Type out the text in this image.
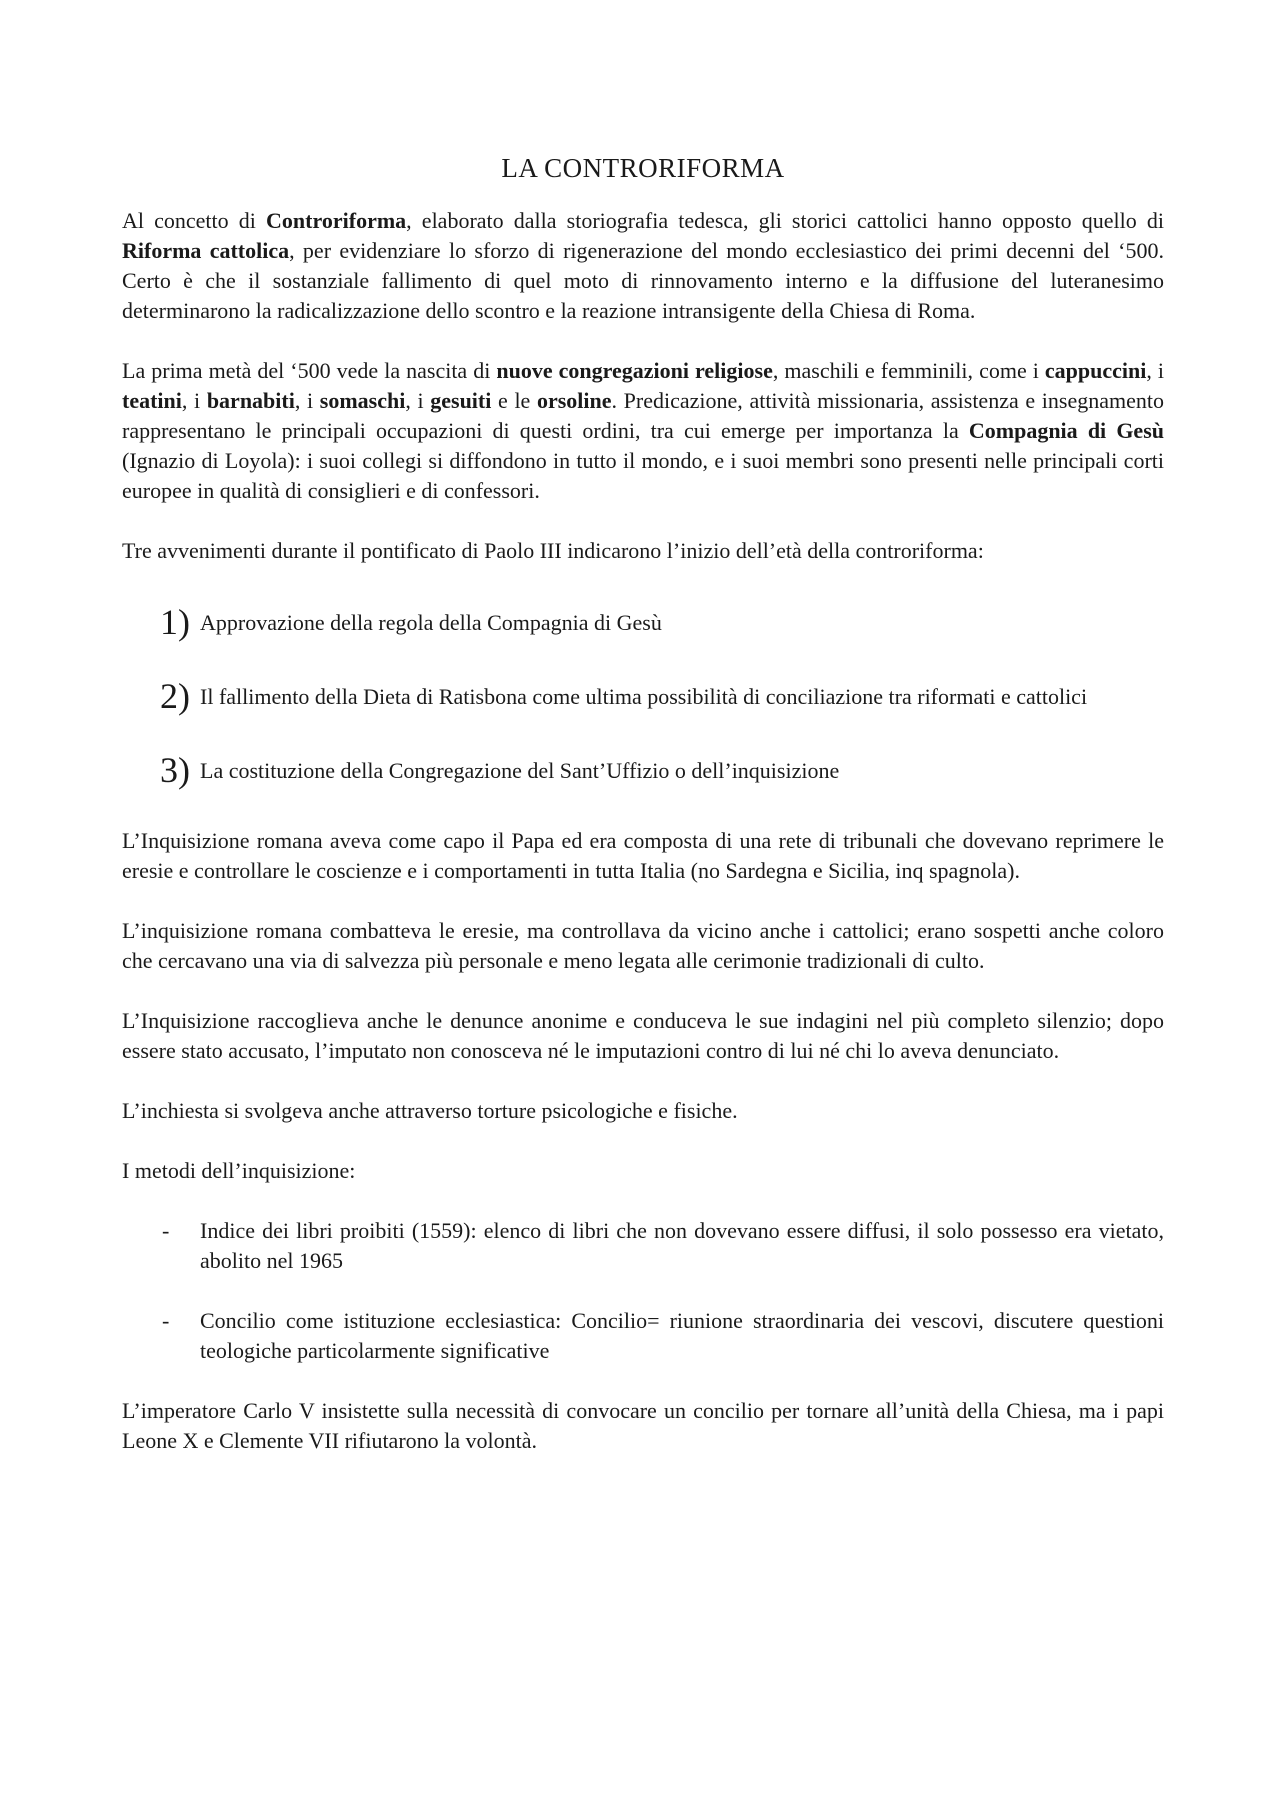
LA CONTRORIFORMA

Al concetto di Controriforma, elaborato dalla storiografia tedesca, gli storici cattolici hanno opposto quello di Riforma cattolica, per evidenziare lo sforzo di rigenerazione del mondo ecclesiastico dei primi decenni del ‘500. Certo è che il sostanziale fallimento di quel moto di rinnovamento interno e la diffusione del luteranesimo determinarono la radicalizzazione dello scontro e la reazione intransigente della Chiesa di Roma.

La prima metà del ‘500 vede la nascita di nuove congregazioni religiose, maschili e femminili, come i cappuccini, i teatini, i barnabiti, i somaschi, i gesuiti e le orsoline. Predicazione, attività missionaria, assistenza e insegnamento rappresentano le principali occupazioni di questi ordini, tra cui emerge per importanza la Compagnia di Gesù (Ignazio di Loyola): i suoi collegi si diffondono in tutto il mondo, e i suoi membri sono presenti nelle principali corti europee in qualità di consiglieri e di confessori.

Tre avvenimenti durante il pontificato di Paolo III indicarono l’inizio dell’età della controriforma:

1) Approvazione della regola della Compagnia di Gesù
2) Il fallimento della Dieta di Ratisbona come ultima possibilità di conciliazione tra riformati e cattolici
3) La costituzione della Congregazione del Sant’Uffizio o dell’inquisizione

L’Inquisizione romana aveva come capo il Papa ed era composta di una rete di tribunali che dovevano reprimere le eresie e controllare le coscienze e i comportamenti in tutta Italia (no Sardegna e Sicilia, inq spagnola).

L’inquisizione romana combatteva le eresie, ma controllava da vicino anche i cattolici; erano sospetti anche coloro che cercavano una via di salvezza più personale e meno legata alle cerimonie tradizionali di culto.

L’Inquisizione raccoglieva anche le denunce anonime e conduceva le sue indagini nel più completo silenzio; dopo essere stato accusato, l’imputato non conosceva né le imputazioni contro di lui né chi lo aveva denunciato.

L’inchiesta si svolgeva anche attraverso torture psicologiche e fisiche.

I metodi dell’inquisizione:

- Indice dei libri proibiti (1559): elenco di libri che non dovevano essere diffusi, il solo possesso era vietato, abolito nel 1965
- Concilio come istituzione ecclesiastica: Concilio= riunione straordinaria dei vescovi, discutere questioni teologiche particolarmente significative

L’imperatore Carlo V insistette sulla necessità di convocare un concilio per tornare all’unità della Chiesa, ma i papi Leone X e Clemente VII rifiutarono la volontà.
